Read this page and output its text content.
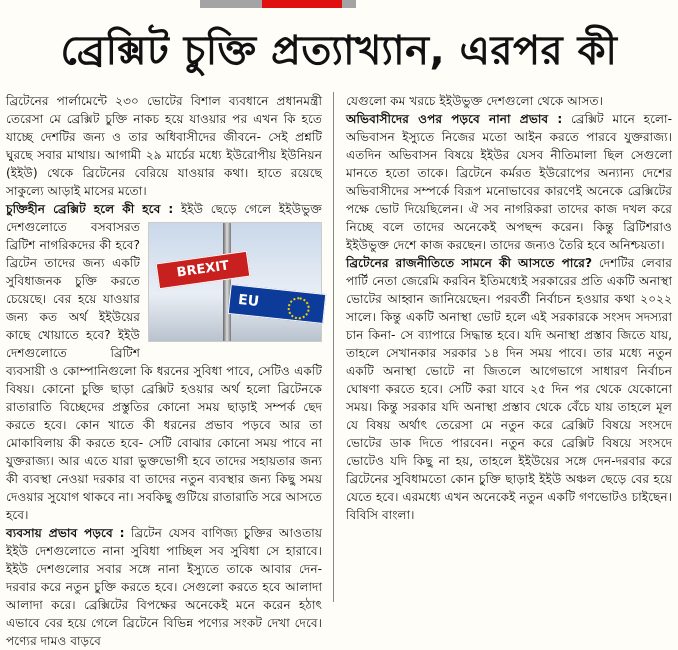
ব্রেক্সিট চুক্তি প্রত্যাখ্যান, এরপর কী

ব্রিটেনের পার্লামেন্টে ২৩০ ভোটের বিশাল ব্যবধানে প্রধানমন্ত্রী তেরেসা মে ব্রেক্সিট চুক্তি নাকচ হয়ে যাওয়ার পর এখন কি হতে যাচ্ছে দেশটির জন্য ও তার অধিবাসীদের জীবনে- সেই প্রশ্নটি ঘুরছে সবার মাথায়। আগামী ২৯ মার্চের মধ্যে ইউরোপীয় ইউনিয়ন (ইইউ) থেকে ব্রিটেনের বেরিয়ে যাওয়ার কথা। হাতে রয়েছে সাকুল্যে আড়াই মাসের মতো।

চুক্তিহীন ব্রেক্সিট হলে কী হবে :
BREXIT
EU
ইইউ ছেড়ে গেলে ইইউভুক্ত দেশগুলোতে বসবাসরত ব্রিটিশ নাগরিকদের কী হবে? ব্রিটেন তাদের জন্য একটি সুবিধাজনক চুক্তি করতে চেয়েছে। বের হয়ে যাওয়ার জন্য কত অর্থ ইইউয়ের কাছে খোয়াতে হবে? ইইউ দেশগুলোতে ব্রিটিশ ব্যবসায়ী ও কোম্পানিগুলো কি ধরনের সুবিধা পাবে, সেটিও একটি বিষয়। কোনো চুক্তি ছাড়া ব্রেক্সিট হওয়ার অর্থ হলো ব্রিটেনকে রাতারাতি বিচ্ছেদের প্রস্তুতির কোনো সময় ছাড়াই সম্পর্ক ছেদ করতে হবে। কোন খাতে কী ধরনের প্রভাব পড়বে আর তা মোকাবিলায় কী করতে হবে- সেটি বোঝার কোনো সময় পাবে না যুক্তরাজ্য। আর এতে যারা ভুক্তভোগী হবে তাদের সহায়তার জন্য কী ব্যবস্থা নেওয়া দরকার বা তাদের নতুন ব্যবস্থার জন্য কিছু সময় দেওয়ার সুযোগ থাকবে না। সবকিছু গুটিয়ে রাতারাতি সরে আসতে হবে।

ব্যবসায় প্রভাব পড়বে : ব্রিটেন যেসব বাণিজ্য চুক্তির আওতায় ইইউ দেশগুলোতে নানা সুবিধা পাচ্ছিল সব সুবিধা সে হারাবে। ইইউ দেশগুলোর সবার সঙ্গে নানা ইস্যুতে তাকে আবার দেন-দরবার করে নতুন চুক্তি করতে হবে। সেগুলো করতে হবে আলাদা আলাদা করে। ব্রেক্সিটের বিপক্ষের অনেকেই মনে করেন হঠাৎ এভাবে বের হয়ে গেলে ব্রিটেনে বিভিন্ন পণ্যের সংকট দেখা দেবে। পণ্যের দামও বাড়বে

যেগুলো কম খরচে ইইউভুক্ত দেশগুলো থেকে আসত।

অভিবাসীদের ওপর পড়বে নানা প্রভাব : ব্রেক্সিট মানে হলো- অভিবাসন ইস্যুতে নিজের মতো আইন করতে পারবে যুক্তরাজ্য। এতদিন অভিবাসন বিষয়ে ইইউর যেসব নীতিমালা ছিল সেগুলো মানতে হতো তাকে। ব্রিটেনে কর্মরত ইউরোপের অন্যান্য দেশের অভিবাসীদের সম্পর্কে বিরূপ মনোভাবের কারণেই অনেকে ব্রেক্সিটের পক্ষে ভোট দিয়েছিলেন। ঐ সব নাগরিকরা তাদের কাজ দখল করে নিচ্ছে বলে তাদের অনেকেই অপছন্দ করেন। কিন্তু ব্রিটিশরাও ইইউভুক্ত দেশে কাজ করছেন। তাদের জন্যও তৈরি হবে অনিশ্চয়তা।

ব্রিটেনের রাজনীতিতে সামনে কী আসতে পারে? দেশটির লেবার পার্টি নেতা জেরেমি করবিন ইতিমধ্যেই সরকারের প্রতি একটি অনাস্থা ভোটের আহ্বান জানিয়েছেন। পরবর্তী নির্বাচন হওয়ার কথা ২০২২ সালে। কিন্তু একটি অনাস্থা ভোট হলে এই সরকারকে সংসদ সদস্যরা চান কিনা- সে ব্যাপারে সিদ্ধান্ত হবে। যদি অনাস্থা প্রস্তাব জিতে যায়, তাহলে সেখানকার সরকার ১৪ দিন সময় পাবে। তার মধ্যে নতুন একটি অনাস্থা ভোটে না জিতলে আগেভাগে সাধারণ নির্বাচন ঘোষণা করতে হবে। সেটি করা যাবে ২৫ দিন পর থেকে যেকোনো সময়। কিন্তু সরকার যদি অনাস্থা প্রস্তাব থেকে বেঁচে যায় তাহলে মূল যে বিষয় অর্থাৎ তেরেসা মে নতুন করে ব্রেক্সিট বিষয়ে সংসদে ভোটের ডাক দিতে পারবেন। নতুন করে ব্রেক্সিট বিষয়ে সংসদে ভোটেও যদি কিছু না হয়, তাহলে ইইউয়ের সঙ্গে দেন-দরবার করে ব্রিটেনের সুবিধামতো কোন চুক্তি ছাড়াই ইইউ অঞ্চল ছেড়ে বের হয়ে যেতে হবে। এরমধ্যে এখন অনেকেই নতুন একটি গণভোটও চাইছেন। বিবিসি বাংলা।
